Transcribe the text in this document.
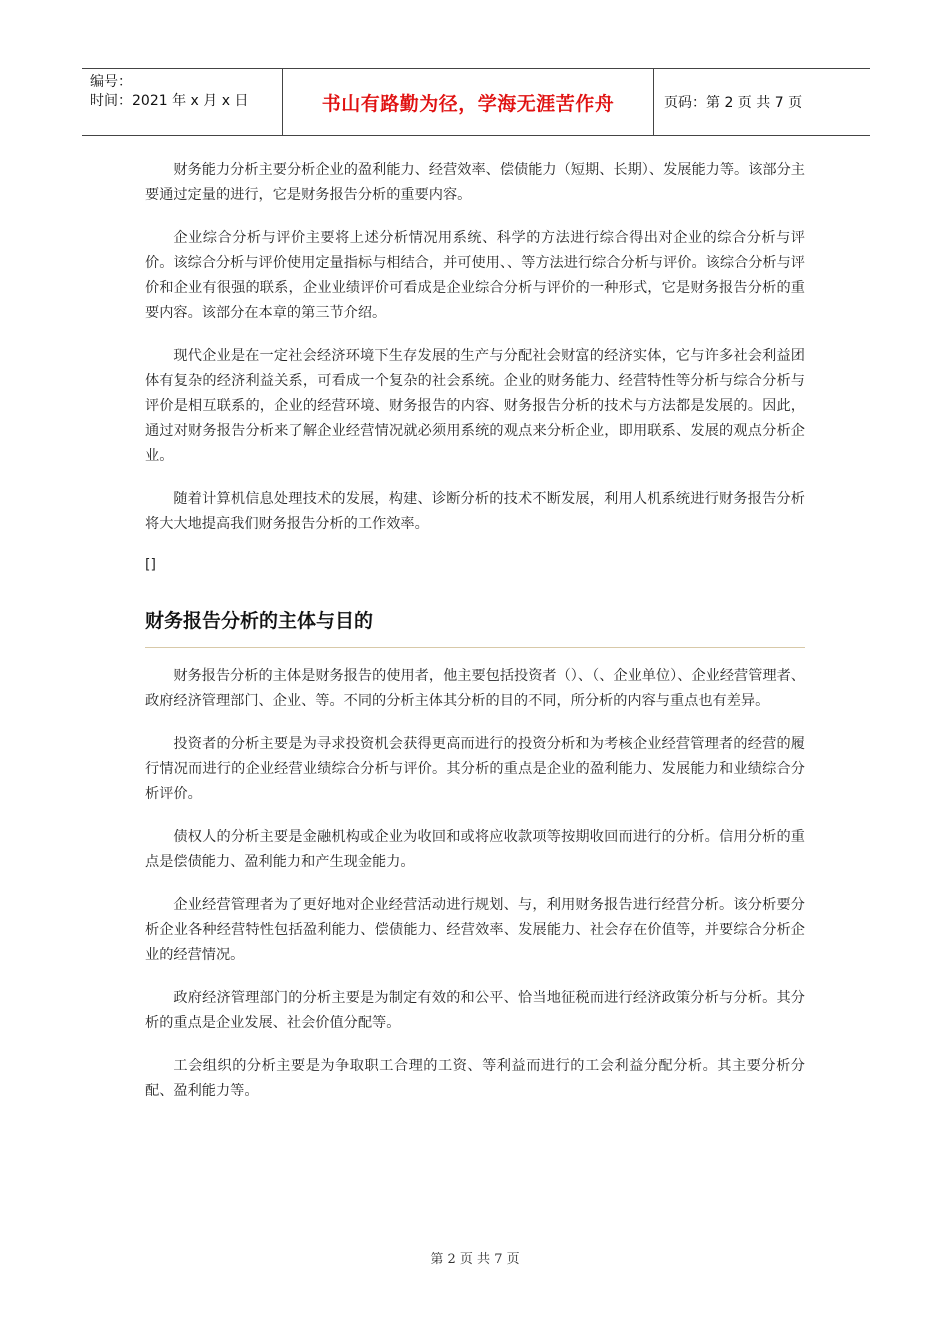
编号：
时间：2021 年 x 月 x 日	书山有路勤为径，学海无涯苦作舟	页码：第 2 页 共 7 页

财务能力分析主要分析企业的盈利能力、经营效率、偿债能力（短期、长期）、发展能力等。该部分主要通过定量的进行，它是财务报告分析的重要内容。

企业综合分析与评价主要将上述分析情况用系统、科学的方法进行综合得出对企业的综合分析与评价。该综合分析与评价使用定量指标与相结合，并可使用、、等方法进行综合分析与评价。该综合分析与评价和企业有很强的联系，企业业绩评价可看成是企业综合分析与评价的一种形式，它是财务报告分析的重要内容。该部分在本章的第三节介绍。

现代企业是在一定社会经济环境下生存发展的生产与分配社会财富的经济实体，它与许多社会利益团体有复杂的经济利益关系，可看成一个复杂的社会系统。企业的财务能力、经营特性等分析与综合分析与评价是相互联系的，企业的经营环境、财务报告的内容、财务报告分析的技术与方法都是发展的。因此，通过对财务报告分析来了解企业经营情况就必须用系统的观点来分析企业，即用联系、发展的观点分析企业。

随着计算机信息处理技术的发展，构建、诊断分析的技术不断发展，利用人机系统进行财务报告分析将大大地提高我们财务报告分析的工作效率。

[]

财务报告分析的主体与目的

财务报告分析的主体是财务报告的使用者，他主要包括投资者（）、（、企业单位）、企业经营管理者、政府经济管理部门、企业、等。不同的分析主体其分析的目的不同，所分析的内容与重点也有差异。

投资者的分析主要是为寻求投资机会获得更高而进行的投资分析和为考核企业经营管理者的经营的履行情况而进行的企业经营业绩综合分析与评价。其分析的重点是企业的盈利能力、发展能力和业绩综合分析评价。

债权人的分析主要是金融机构或企业为收回和或将应收款项等按期收回而进行的分析。信用分析的重点是偿债能力、盈利能力和产生现金能力。

企业经营管理者为了更好地对企业经营活动进行规划、与，利用财务报告进行经营分析。该分析要分析企业各种经营特性包括盈利能力、偿债能力、经营效率、发展能力、社会存在价值等，并要综合分析企业的经营情况。

政府经济管理部门的分析主要是为制定有效的和公平、恰当地征税而进行经济政策分析与分析。其分析的重点是企业发展、社会价值分配等。

工会组织的分析主要是为争取职工合理的工资、等利益而进行的工会利益分配分析。其主要分析分配、盈利能力等。

第 2 页 共 7 页
